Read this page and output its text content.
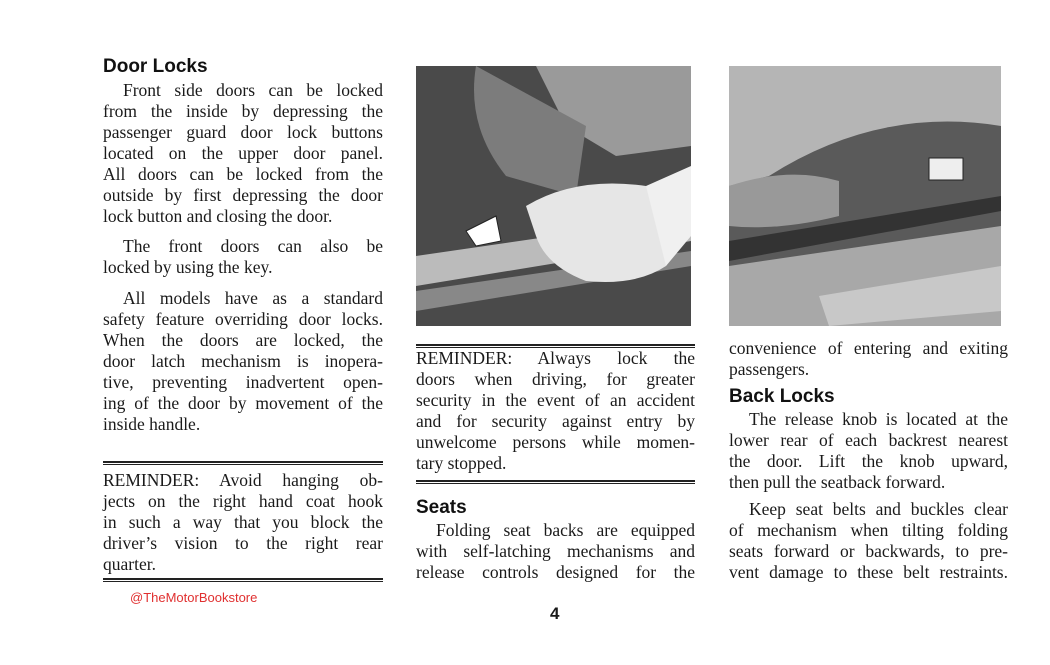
Door Locks
Front side doors can be locked
from the inside by depressing the
passenger guard door lock buttons
located on the upper door panel.
All doors can be locked from the
outside by first depressing the door
lock button and closing the door.
The front doors can also be
locked by using the key.
All models have as a standard
safety feature overriding door locks.
When the doors are locked, the
door latch mechanism is inopera-
tive, preventing inadvertent open-
ing of the door by movement of the
inside handle.
REMINDER: Avoid hanging ob-
jects on the right hand coat hook
in such a way that you block the
driver’s vision to the right rear
quarter.
@TheMotorBookstore
REMINDER: Always lock the
doors when driving, for greater
security in the event of an accident
and for security against entry by
unwelcome persons while momen-
tary stopped.
Seats
Folding seat backs are equipped
with self-latching mechanisms and
release controls designed for the
convenience of entering and exiting
passengers.
Back Locks
The release knob is located at the
lower rear of each backrest nearest
the door. Lift the knob upward,
then pull the seatback forward.
Keep seat belts and buckles clear
of mechanism when tilting folding
seats forward or backwards, to pre-
vent damage to these belt restraints.
4
